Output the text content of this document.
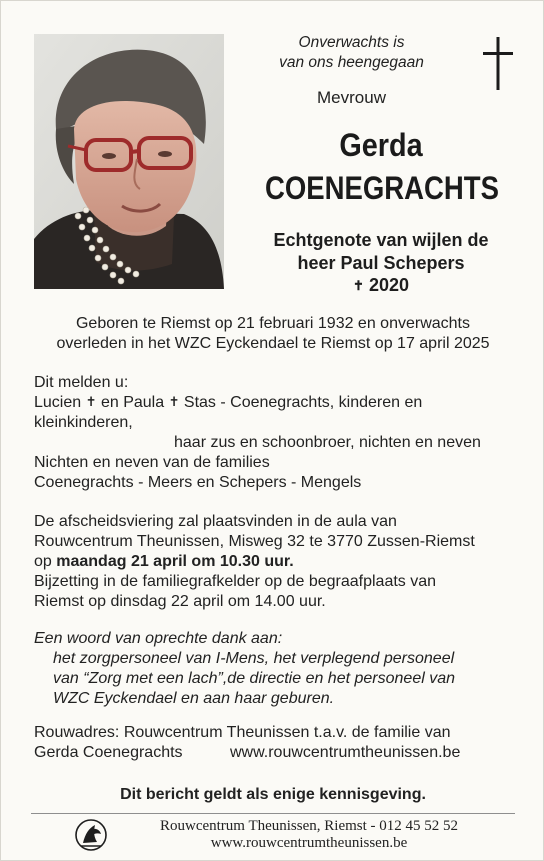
Onverwachts is
van ons heengegaan
Mevrouw
Gerda
COENEGRACHTS
Echtgenote van wijlen de
heer Paul Schepers
✝ 2020
Geboren te Riemst op 21 februari 1932 en onverwachts
overleden in het WZC Eyckendael te Riemst op 17 april 2025
Dit melden u:
Lucien ✝ en Paula ✝ Stas - Coenegrachts, kinderen en
kleinkinderen,
haar zus en schoonbroer, nichten en neven
Nichten en neven van de families
Coenegrachts - Meers en Schepers - Mengels
De afscheidsviering zal plaatsvinden in de aula van
Rouwcentrum Theunissen, Misweg 32 te 3770 Zussen-Riemst
op maandag 21 april om 10.30 uur.
Bijzetting in de familiegrafkelder op de begraafplaats van
Riemst op dinsdag 22 april om 14.00 uur.
Een woord van oprechte dank aan:
het zorgpersoneel van I-Mens, het verplegend personeel
van “Zorg met een lach”,de directie en het personeel van
WZC Eyckendael en aan haar geburen.
Rouwadres: Rouwcentrum Theunissen t.a.v. de familie van
Gerda Coenegrachts	www.rouwcentrumtheunissen.be
Dit bericht geldt als enige kennisgeving.
Rouwcentrum Theunissen, Riemst - 012 45 52 52
www.rouwcentrumtheunissen.be
